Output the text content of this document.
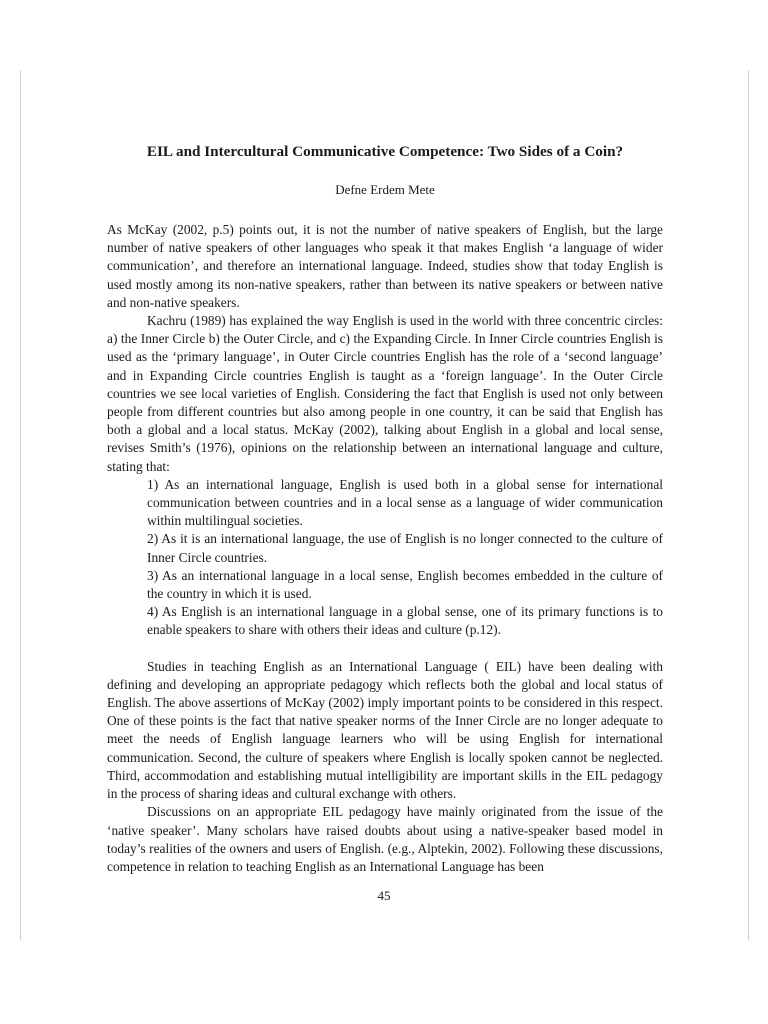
EIL and Intercultural Communicative Competence: Two Sides of a Coin?
Defne Erdem Mete

As McKay (2002, p.5) points out, it is not the number of native speakers of English, but the large number of native speakers of other languages who speak it that makes English ‘a language of wider communication’, and therefore an international language. Indeed, studies show that today English is used mostly among its non-native speakers, rather than between its native speakers or between native and non-native speakers.

Kachru (1989) has explained the way English is used in the world with three concentric circles: a) the Inner Circle b) the Outer Circle, and c) the Expanding Circle. In Inner Circle countries English is used as the ‘primary language’, in Outer Circle countries English has the role of a ‘second language’ and in Expanding Circle countries English is taught as a ‘foreign language’. In the Outer Circle countries we see local varieties of English. Considering the fact that English is used not only between people from different countries but also among people in one country, it can be said that English has both a global and a local status. McKay (2002), talking about English in a global and local sense, revises Smith’s (1976), opinions on the relationship between an international language and culture, stating that:

1) As an international language, English is used both in a global sense for international communication between countries and in a local sense as a language of wider communication within multilingual societies.

2) As it is an international language, the use of English is no longer connected to the culture of Inner Circle countries.

3) As an international language in a local sense, English becomes embedded in the culture of the country in which it is used.

4) As English is an international language in a global sense, one of its primary functions is to enable speakers to share with others their ideas and culture (p.12).

Studies in teaching English as an International Language ( EIL) have been dealing with defining and developing an appropriate pedagogy which reflects both the global and local status of English. The above assertions of McKay (2002) imply important points to be considered in this respect. One of these points is the fact that native speaker norms of the Inner Circle are no longer adequate to meet the needs of English language learners who will be using English for international communication. Second, the culture of speakers where English is locally spoken cannot be neglected. Third, accommodation and establishing mutual intelligibility are important skills in the EIL pedagogy in the process of sharing ideas and cultural exchange with others.

Discussions on an appropriate EIL pedagogy have mainly originated from the issue of the ‘native speaker’. Many scholars have raised doubts about using a native-speaker based model in today’s realities of the owners and users of English. (e.g., Alptekin, 2002). Following these discussions, competence in relation to teaching English as an International Language has been

45
